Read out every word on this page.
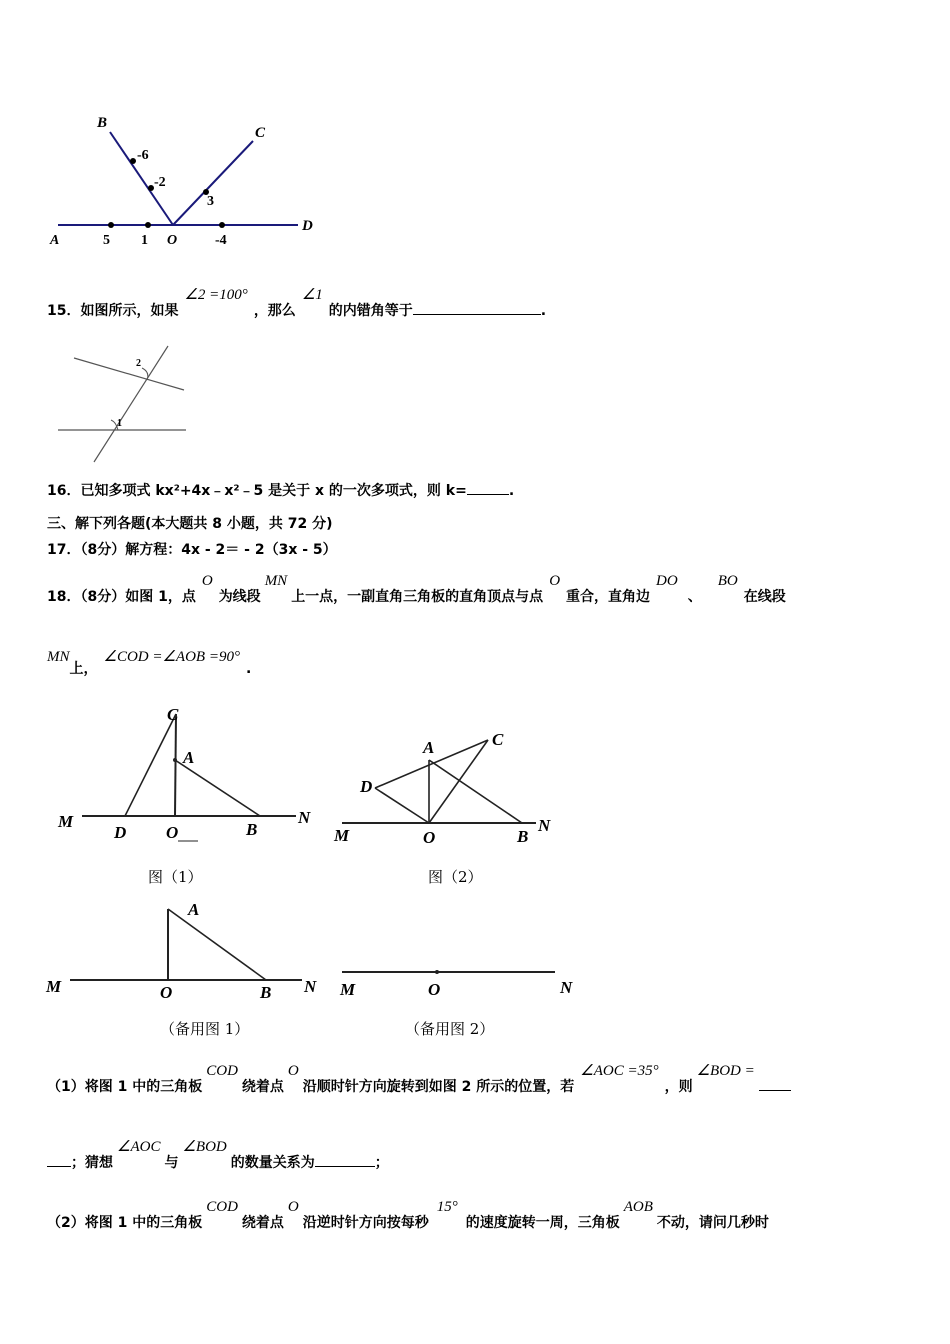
B
C
D
A	O
-6
-2
3
5 1	-4
15．如图所示，如果∠2 =100°，那么∠1的内错角等于	.
2
1
16．已知多项式 kx²+4x﹣x²﹣5 是关于 x 的一次多项式，则 k=	.
三、解下列各题(本大题共 8 小题，共 72 分)
17．（8分）解方程：4x - 2＝ - 2（3x - 5）
18．（8分）如图 1，点O为线段MN上一点，一副直角三角板的直角顶点与点O重合，直角边DO、BO在线段
MN上，∠COD =∠AOB =90°.
M	N
D O	B
C
A
图（1）
M
N
O	B
A	C
D
图（2）
M	N
O	B
A
（备用图 1）
M	O	N
（备用图 2）
（1）将图 1 中的三角板COD绕着点O沿顺时针方向旋转到如图 2 所示的位置，若∠AOC =35°，则∠BOD =
；猜想∠AOC与∠BOD的数量关系为	；
（2）将图 1 中的三角板COD绕着点O沿逆时针方向按每秒15°的速度旋转一周，三角板AOB不动，请问几秒时
